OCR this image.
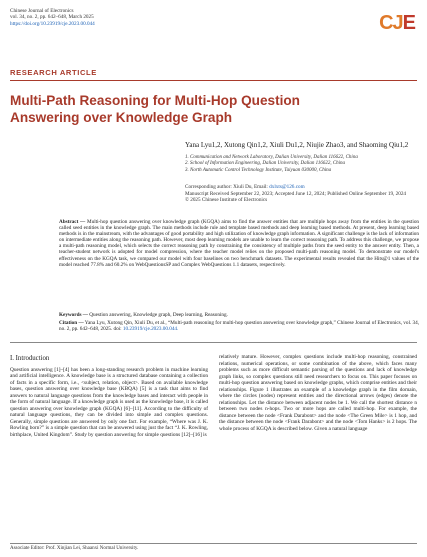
Chinese Journal of Electronics
vol. 34, no. 2, pp. 642–648, March 2025
https://doi.org/10.23919/cje.2023.00.044	CJE
RESEARCH ARTICLE
Multi-Path Reasoning for Multi-Hop Question Answering over Knowledge Graph
Yana Lyu1,2, Xutong Qin1,2, Xiuli Du1,2, Niujie Zhao3, and Shaoming Qiu1,2
1. Communication and Network Laboratory, Dalian University, Dalian 116622, China
2. School of Information Engineering, Dalian University, Dalian 116622, China
3. North Automatic Control Technology Institute, Taiyuan 030000, China
Corresponding author: Xiuli Du, Email: dxlxts@126.com
Manuscript Received September 22, 2023; Accepted June 12, 2024; Published Online September 19, 2024
© 2025 Chinese Institute of Electronics
Abstract — Multi-hop question answering over knowledge graph (KGQA) aims to find the answer entities that are multiple hops away from the entities in the question called seed entities in the knowledge graph. The main methods include rule and template based methods and deep learning based methods. At present, deep learning based methods is in the mainstream, with the advantages of good portability and high utilization of knowledge graph information. A significant challenge is the lack of information on intermediate entities along the reasoning path. However, most deep learning models are unable to learn the correct reasoning path. To address this challenge, we propose a multi-path reasoning model, which selects the correct reasoning path by constraining the consistency of multiple paths from the seed entity to the answer entity. Then, a teacher-student network is adopted for model compression, where the teacher model relies on the proposed multi-path reasoning model. To demonstrate our model's effectiveness on the KGQA task, we compared our model with four baselines on two benchmark datasets. The experimental results revealed that the Hits@1 values of the model reached 77.8% and 60.2% on WebQuestionsSP and Complex WebQuestions 1.1 datasets, respectively.
Keywords — Question answering, Knowledge graph, Deep learning, Reasoning.
Citation — Yana Lyu, Xutong Qin, Xiuli Du, et al., “Multi-path reasoning for multi-hop question answering over knowledge graph,” Chinese Journal of Electronics, vol. 34, no. 2, pp. 642–648, 2025. doi: 10.23919/cje.2023.00.044.
I. Introduction

Question answering [1]–[4] has been a long-standing research problem in machine learning and artificial intelligence. A knowledge base is a structured database containing a collection of facts in a specific form, i.e., <subject, relation, object>. Based on available knowledge bases, question answering over knowledge base (KBQA) [5] is a task that aims to find answers to natural language questions from the knowledge bases and interact with people in the form of natural language. If a knowledge graph is used as the knowledge base, it is called question answering over knowledge graph (KGQA) [6]–[11]. According to the difficulty of natural language questions, they can be divided into simple and complex questions. Generally, simple questions are answered by only one fact. For example, “Where was J. K. Rowling born?” is a simple question that can be answered using just the fact “J. K. Rowling, birthplace, United Kingdom”. Study by question answering for simple questions [12]–[16] is

relatively mature. However, complex questions include multi-hop reasoning, constrained relations, numerical operations, or some combination of the above, which faces many problems such as more difficult semantic parsing of the questions and lack of knowledge graph links, so complex questions still need researchers to focus on. This paper focuses on multi-hop question answering based on knowledge graphs, which comprise entities and their relationships. Figure 1 illustrates an example of a knowledge graph in the film domain, where the circles (nodes) represent entities and the directional arrows (edges) denote the relationships. Let the distance between adjacent nodes be 1. We call the shortest distance n between two nodes n-hops. Two or more hops are called multi-hop. For example, the distance between the node <Frank Darabont> and the node <The Green Mile> is 1 hop, and the distance between the node <Frank Darabont> and the node <Tom Hanks> is 2 hops. The whole process of KGQA is described below. Given a natural language

Associate Editor: Prof. Xinjian Lei, Shaanxi Normal University.
